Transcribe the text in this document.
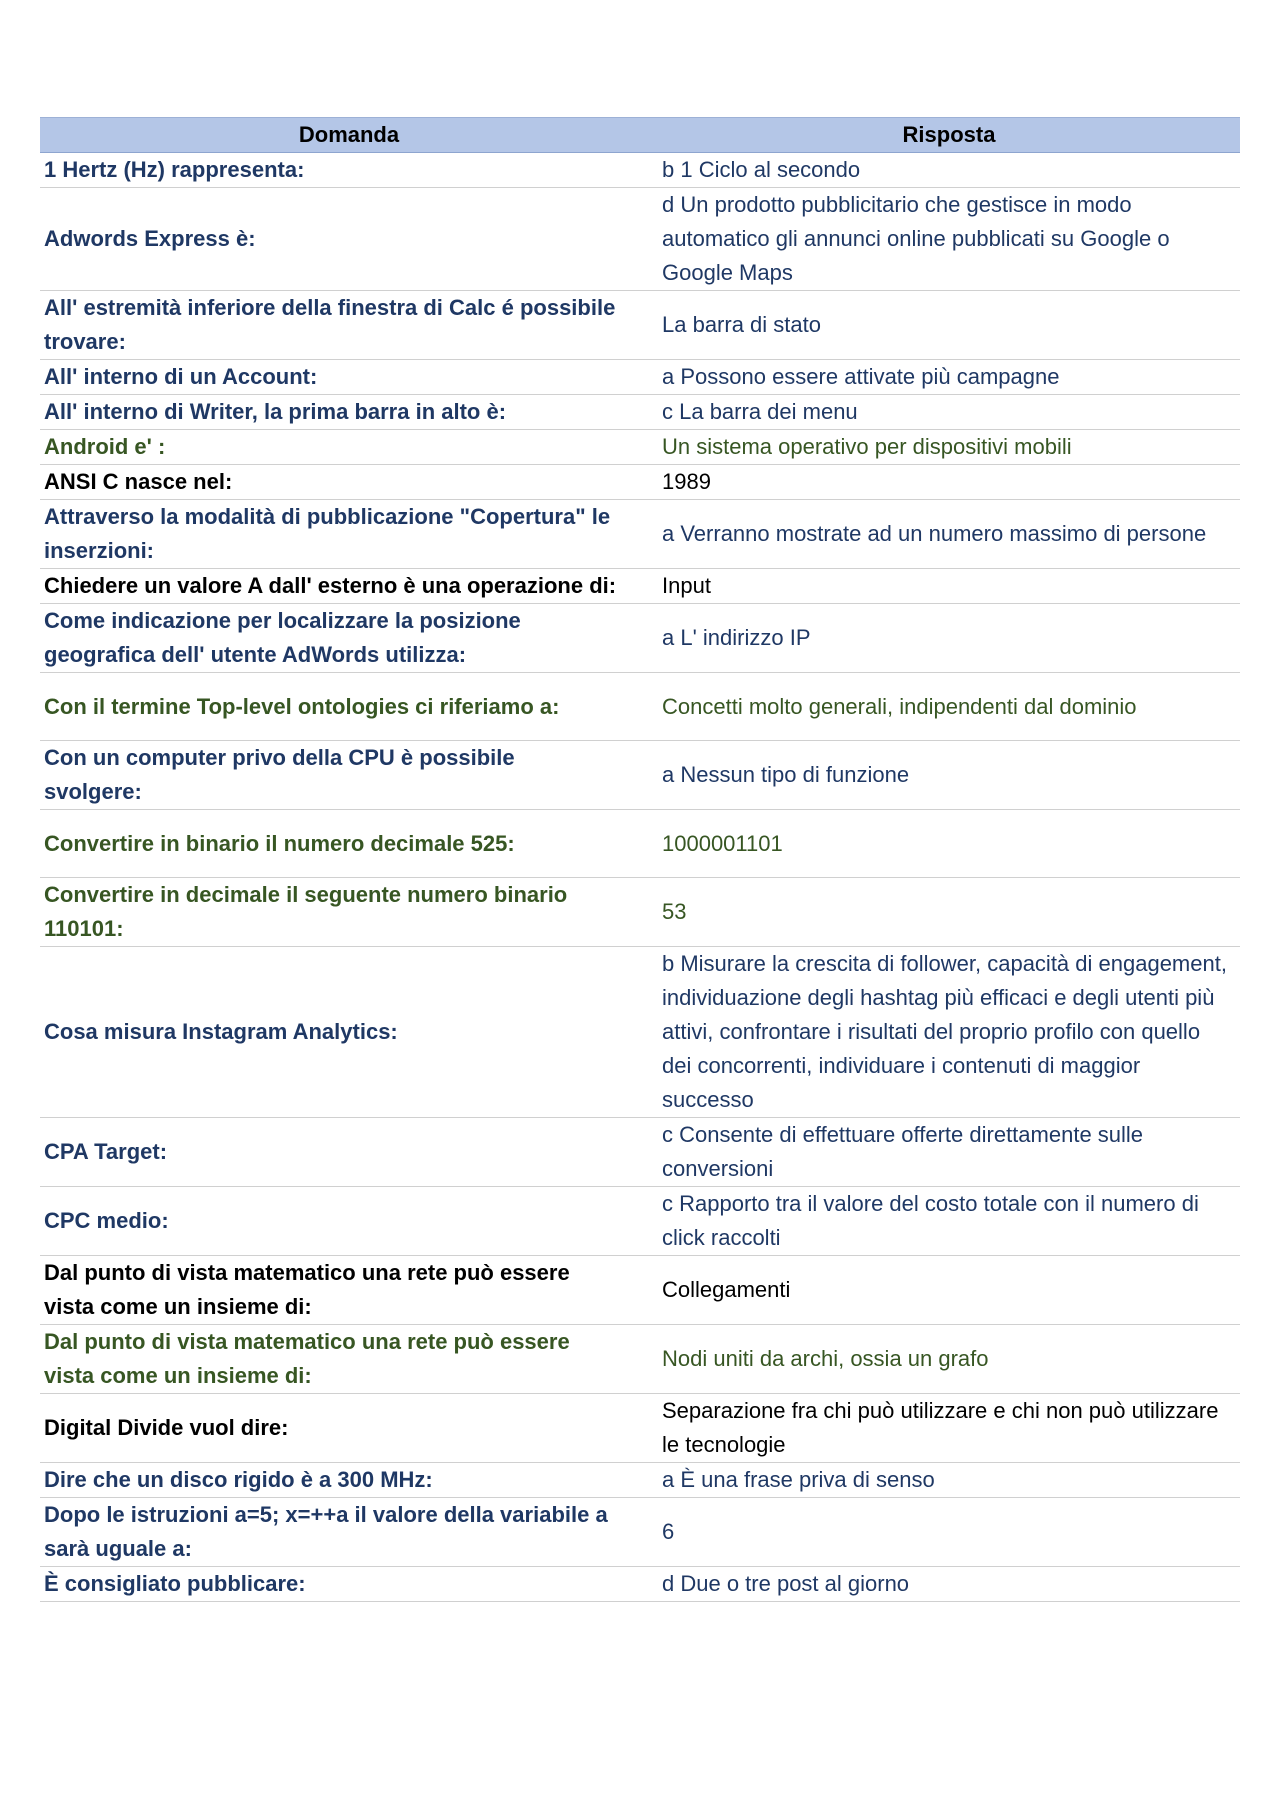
Domanda	Risposta
1 Hertz (Hz) rappresenta:	b 1 Ciclo al secondo
Adwords Express è:	d Un prodotto pubblicitario che gestisce in modo automatico gli annunci online pubblicati su Google o Google Maps
All' estremità inferiore della finestra di Calc é possibile trovare:	La barra di stato
All' interno di un Account:	a Possono essere attivate più campagne
All' interno di Writer, la prima barra in alto è:	c La barra dei menu
Android e' :	Un sistema operativo per dispositivi mobili
ANSI C nasce nel:	1989
Attraverso la modalità di pubblicazione "Copertura" le inserzioni:	a Verranno mostrate ad un numero massimo di persone
Chiedere un valore A dall' esterno è una operazione di:	Input
Come indicazione per localizzare la posizione geografica dell' utente AdWords utilizza:	a L' indirizzo IP
Con il termine Top-level ontologies ci riferiamo a:	Concetti molto generali, indipendenti dal dominio
Con un computer privo della CPU è possibile svolgere:	a Nessun tipo di funzione
Convertire in binario il numero decimale 525:	1000001101
Convertire in decimale il seguente numero binario 110101:	53
Cosa misura Instagram Analytics:	b Misurare la crescita di follower, capacità di engagement, individuazione degli hashtag più efficaci e degli utenti più attivi, confrontare i risultati del proprio profilo con quello dei concorrenti, individuare i contenuti di maggior successo
CPA Target:	c Consente di effettuare offerte direttamente sulle conversioni
CPC medio:	c Rapporto tra il valore del costo totale con il numero di click raccolti
Dal punto di vista matematico una rete può essere vista come un insieme di:	Collegamenti
Dal punto di vista matematico una rete può essere vista come un insieme di:	Nodi uniti da archi, ossia un grafo
Digital Divide vuol dire:	Separazione fra chi può utilizzare e chi non può utilizzare le tecnologie
Dire che un disco rigido è a 300 MHz:	a È una frase priva di senso
Dopo le istruzioni a=5; x=++a il valore della variabile a sarà uguale a:	6
È consigliato pubblicare:	d Due o tre post al giorno
